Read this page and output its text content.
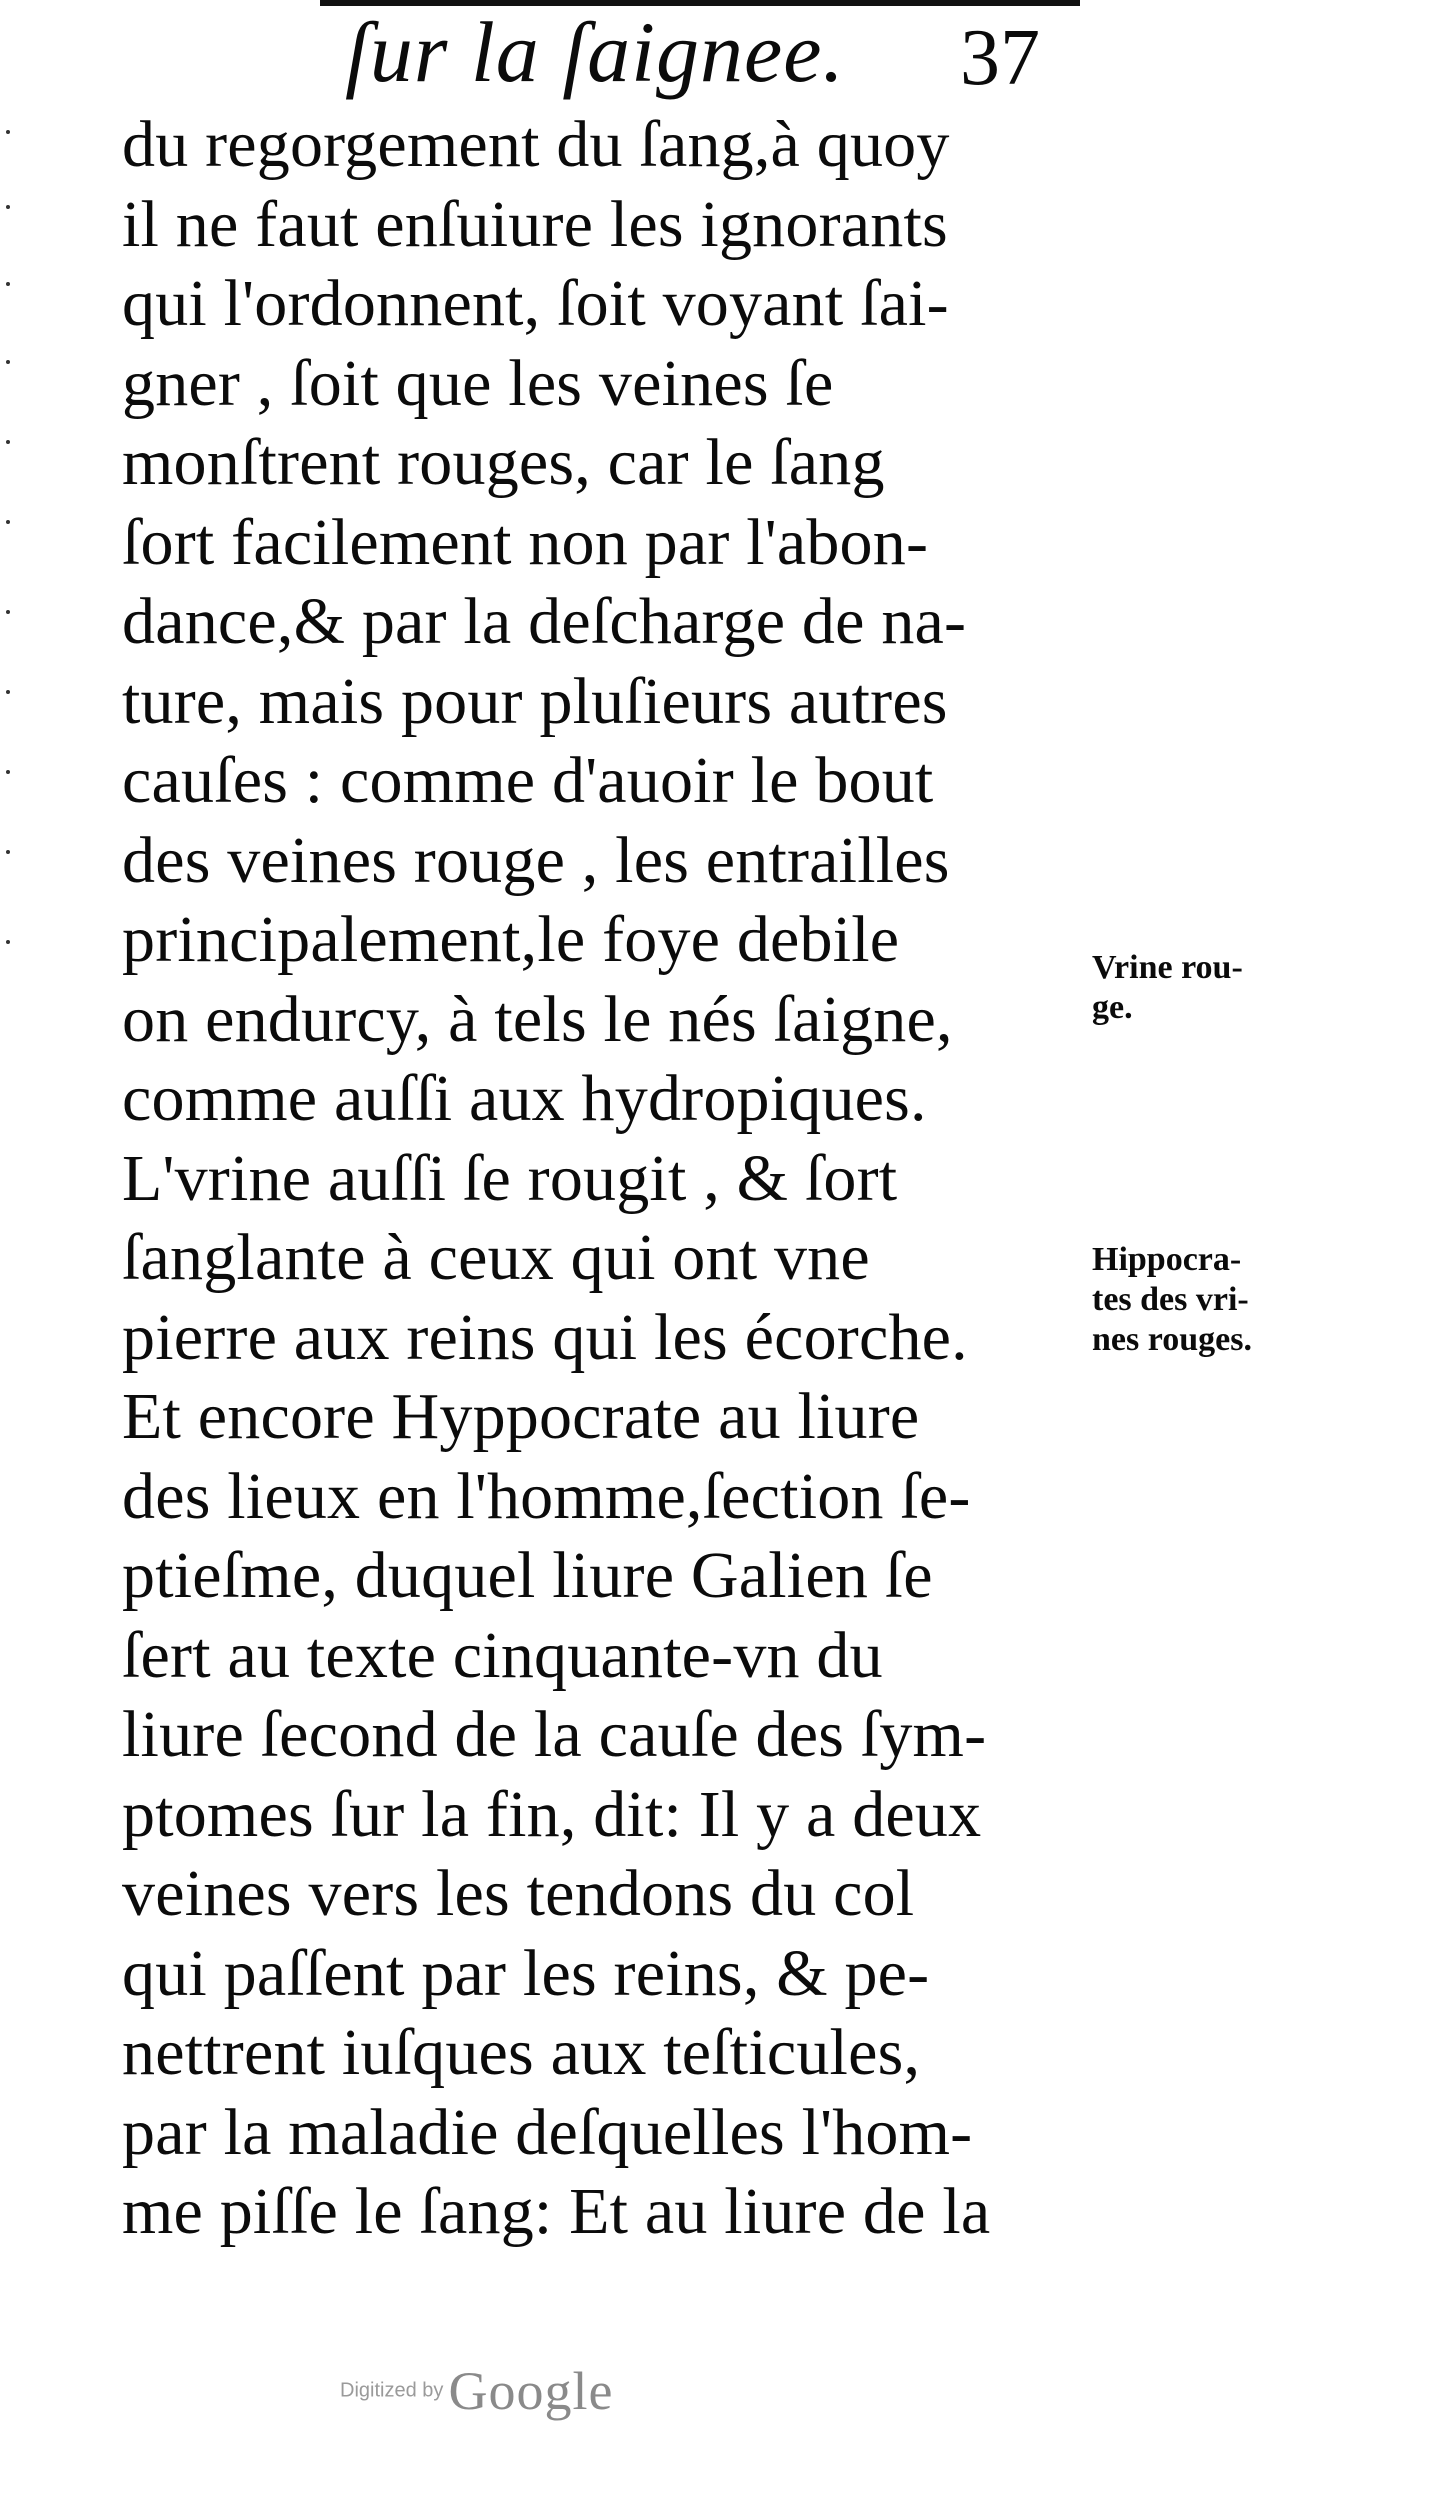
ſur la ſaignee. 37
du regorgement du ſang,à quoy
il ne faut enſuiure les ignorants
qui l'ordonnent, ſoit voyant ſai-
gner , ſoit que les veines ſe
monſtrent rouges, car le ſang
ſort facilement non par l'abon-
dance,& par la deſcharge de na-
ture, mais pour pluſieurs autres
cauſes : comme d'auoir le bout
des veines rouge , les entrailles
principalement,le foye debile
on endurcy, à tels le nés ſaigne,
comme auſſi aux hydropiques.
L'vrine auſſi ſe rougit , & ſort
ſanglante à ceux qui ont vne
pierre aux reins qui les écorche.
Et encore Hyppocrate au liure
des lieux en l'homme,ſection ſe-
ptieſme, duquel liure Galien ſe
ſert au texte cinquante-vn du
liure ſecond de la cauſe des ſym-
ptomes ſur la fin, dit: Il y a deux
veines vers les tendons du col
qui paſſent par les reins, & pe-
nettrent iuſques aux teſticules,
par la maladie deſquelles l'hom-
me piſſe le ſang: Et au liure de la
Vrine rou-
ge.
Hippocra-
tes des vri-
nes rouges.
Digitized by Google
